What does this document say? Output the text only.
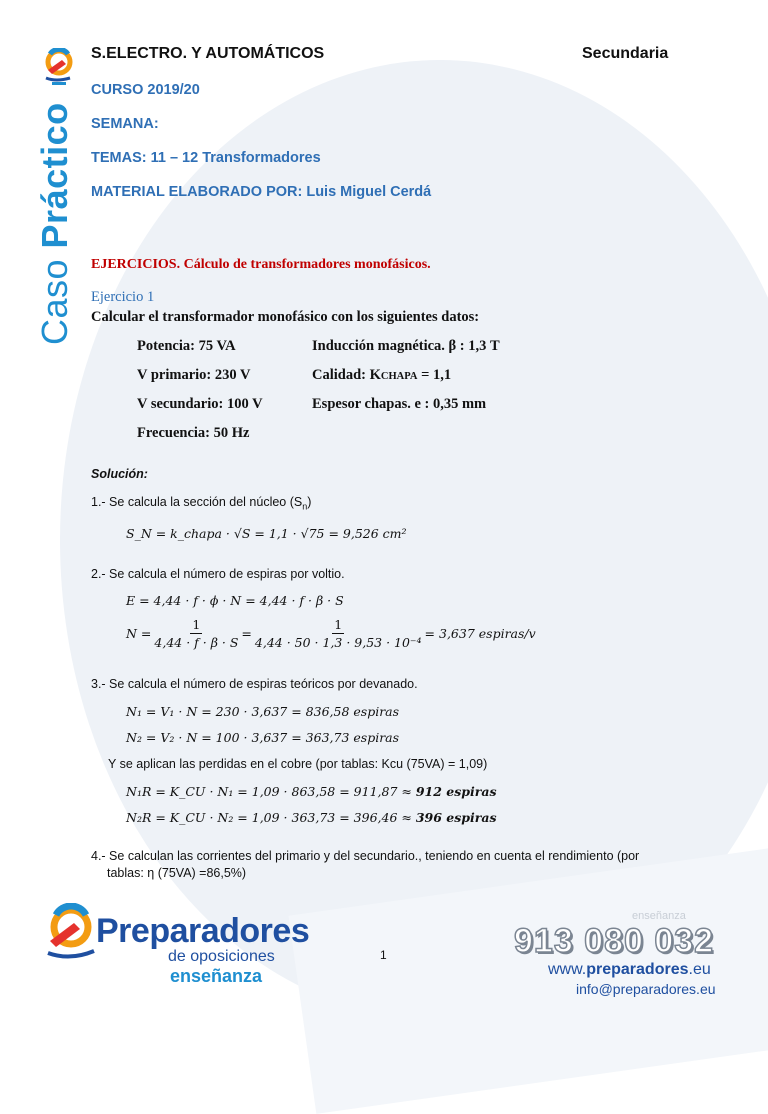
Caso Práctico
S.ELECTRO. Y AUTOMÁTICOS	Secundaria
CURSO 2019/20
SEMANA:
TEMAS: 11 – 12 Transformadores
MATERIAL ELABORADO POR: Luis Miguel Cerdá
EJERCICIOS. Cálculo de transformadores monofásicos.
Ejercicio 1
Calcular el transformador monofásico con los siguientes datos:
Potencia: 75 VA
V primario: 230 V
V secundario: 100 V
Frecuencia: 50 Hz
Inducción magnética. β : 1,3 T
Calidad: KCHAPA = 1,1
Espesor chapas. e : 0,35 mm
Solución:
1.- Se calcula la sección del núcleo $(S_n)$
S_N = k_chapa · √S = 1,1 · √75 = 9,526 cm²
2.- Se calcula el número de espiras por voltio.
E = 4,44 · f · ϕ · N = 4,44 · f · β · S
$N = \frac{1}{4,44 \cdot f \cdot \beta \cdot S} = \frac{1}{\text{4,44 · 50 · 1,3 · 9,53 · 10⁻⁴}} = 3,637$ espiras/v
3.- Se calcula el número de espiras teóricos por devanado.
N₁ = V₁ · N = 230 · 3,637 = 836,58 espiras
N₂ = V₂ · N = 100 · 3,637 = 363,73 espiras
Y se aplican las perdidas en el cobre (por tablas: Kcu (75VA) = 1,09)
N₁R = K_CU · N₁ = 1,09 · 863,58 = 911,87 ≈ 912 espiras
N₂R = K_CU · N₂ = 1,09 · 363,73 = 396,46 ≈ 396 espiras
4.- Se calculan las corrientes del primario y del secundario., teniendo en cuenta el rendimiento (por
tablas: η (75VA) =86,5%)
Preparadores
de oposiciones
enseñanza
1
enseñanza
913 080 032
www.preparadores.eu
info@preparadores.eu
